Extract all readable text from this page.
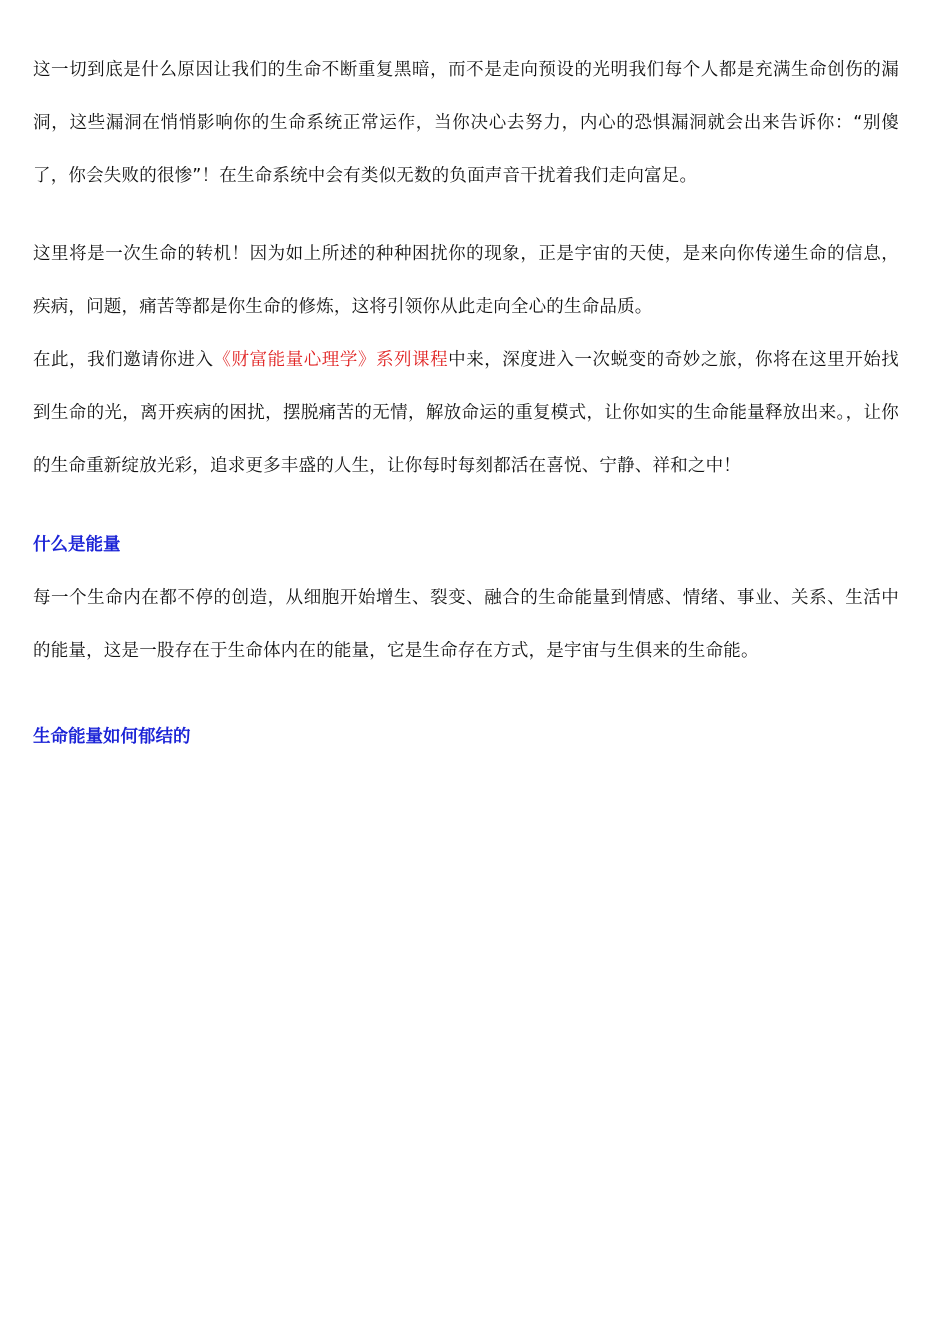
这一切到底是什么原因让我们的生命不断重复黑暗，而不是走向预设的光明我们每个人都是充满生命创伤的漏洞，这些漏洞在悄悄影响你的生命系统正常运作，当你决心去努力，内心的恐惧漏洞就会出来告诉你：“别傻了，你会失败的很惨”！在生命系统中会有类似无数的负面声音干扰着我们走向富足。

这里将是一次生命的转机！因为如上所述的种种困扰你的现象，正是宇宙的天使，是来向你传递生命的信息，疾病，问题，痛苦等都是你生命的修炼，这将引领你从此走向全心的生命品质。

在此，我们邀请你进入《财富能量心理学》系列课程中来，深度进入一次蜕变的奇妙之旅，你将在这里开始找到生命的光，离开疾病的困扰，摆脱痛苦的无情，解放命运的重复模式，让你如实的生命能量释放出来。，让你的生命重新绽放光彩，追求更多丰盛的人生，让你每时每刻都活在喜悦、宁静、祥和之中！

什么是能量

每一个生命内在都不停的创造，从细胞开始增生、裂变、融合的生命能量到情感、情绪、事业、关系、生活中的能量，这是一股存在于生命体内在的能量，它是生命存在方式，是宇宙与生俱来的生命能。

生命能量如何郁结的
